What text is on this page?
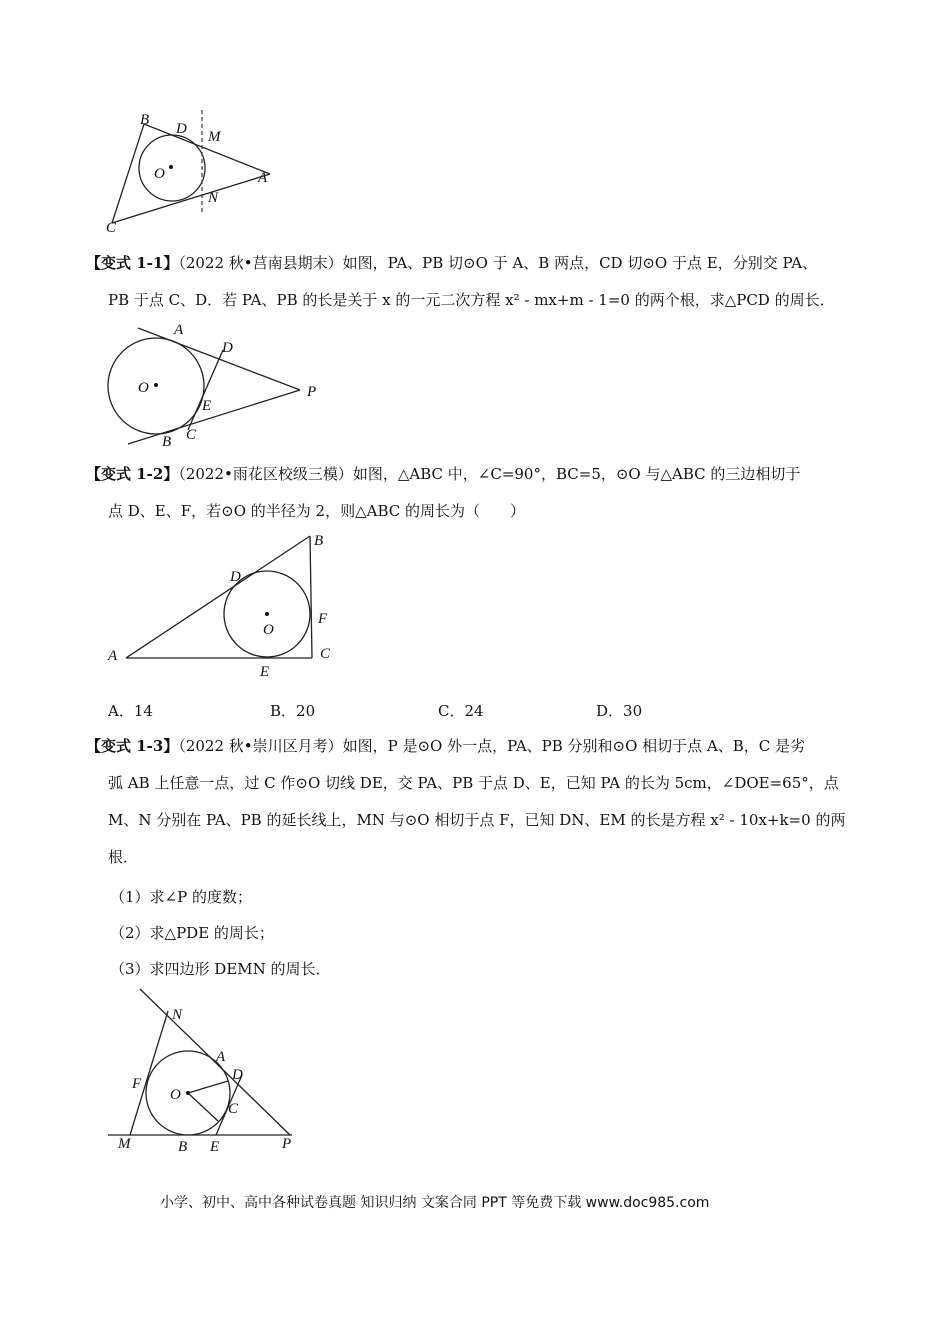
B
D M
O	A
N
C
【变式 1-1】（2022 秋•莒南县期末）如图，PA、PB 切⊙O 于 A、B 两点，CD 切⊙O 于点 E，分别交 PA、
PB 于点 C、D．若 PA、PB 的长是关于 x 的一元二次方程 x² - mx+m - 1=0 的两个根，求△PCD 的周长．
A
D
O	P
E
B C
【变式 1-2】（2022•雨花区校级三模）如图，△ABC 中，∠C=90°，BC=5，⊙O 与△ABC 的三边相切于
点 D、E、F，若⊙O 的半径为 2，则△ABC 的周长为（　　）
B
D
O
F
A
E
C
A．14	B．20	C．24	D．30
【变式 1-3】（2022 秋•崇川区月考）如图，P 是⊙O 外一点，PA、PB 分别和⊙O 相切于点 A、B，C 是劣
弧 AB 上任意一点，过 C 作⊙O 切线 DE，交 PA、PB 于点 D、E，已知 PA 的长为 5cm，∠DOE=65°，点
M、N 分别在 PA、PB 的延长线上，MN 与⊙O 相切于点 F，已知 DN、EM 的长是方程 x² - 10x+k=0 的两
根．
（1）求∠P 的度数；
（2）求△PDE 的周长；
（3）求四边形 DEMN 的周长．
N
A
D
F
O
C
M	B E	P
小学、初中、高中各种试卷真题 知识归纳 文案合同 PPT 等免费下载 www.doc985.com
